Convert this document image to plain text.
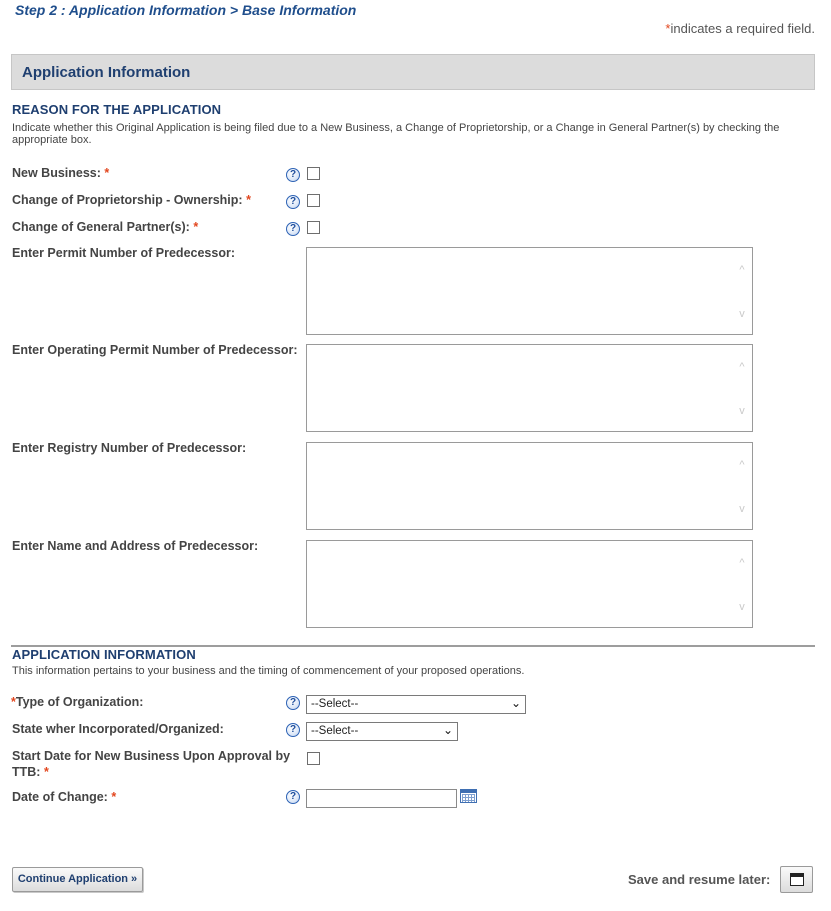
Step 2 : Application Information > Base Information
*indicates a required field.
Application Information
REASON FOR THE APPLICATION
Indicate whether this Original Application is being filed due to a New Business, a Change of Proprietorship, or a Change in General Partner(s) by checking the appropriate box.
New Business: *	?
Change of Proprietorship - Ownership: *	?
Change of General Partner(s): *	?
Enter Permit Number of Predecessor:
^
v
Enter Operating Permit Number of Predecessor:
^
v
Enter Registry Number of Predecessor:
^
v
Enter Name and Address of Predecessor:
^
v
APPLICATION INFORMATION
This information pertains to your business and the timing of commencement of your proposed operations.
*Type of Organization:	?	--Select--	⌄
State wher Incorporated/Organized:	?	--Select--	⌄
Start Date for New Business Upon Approval by
TTB: *
Date of Change: *	?
Continue Application »	Save and resume later:
